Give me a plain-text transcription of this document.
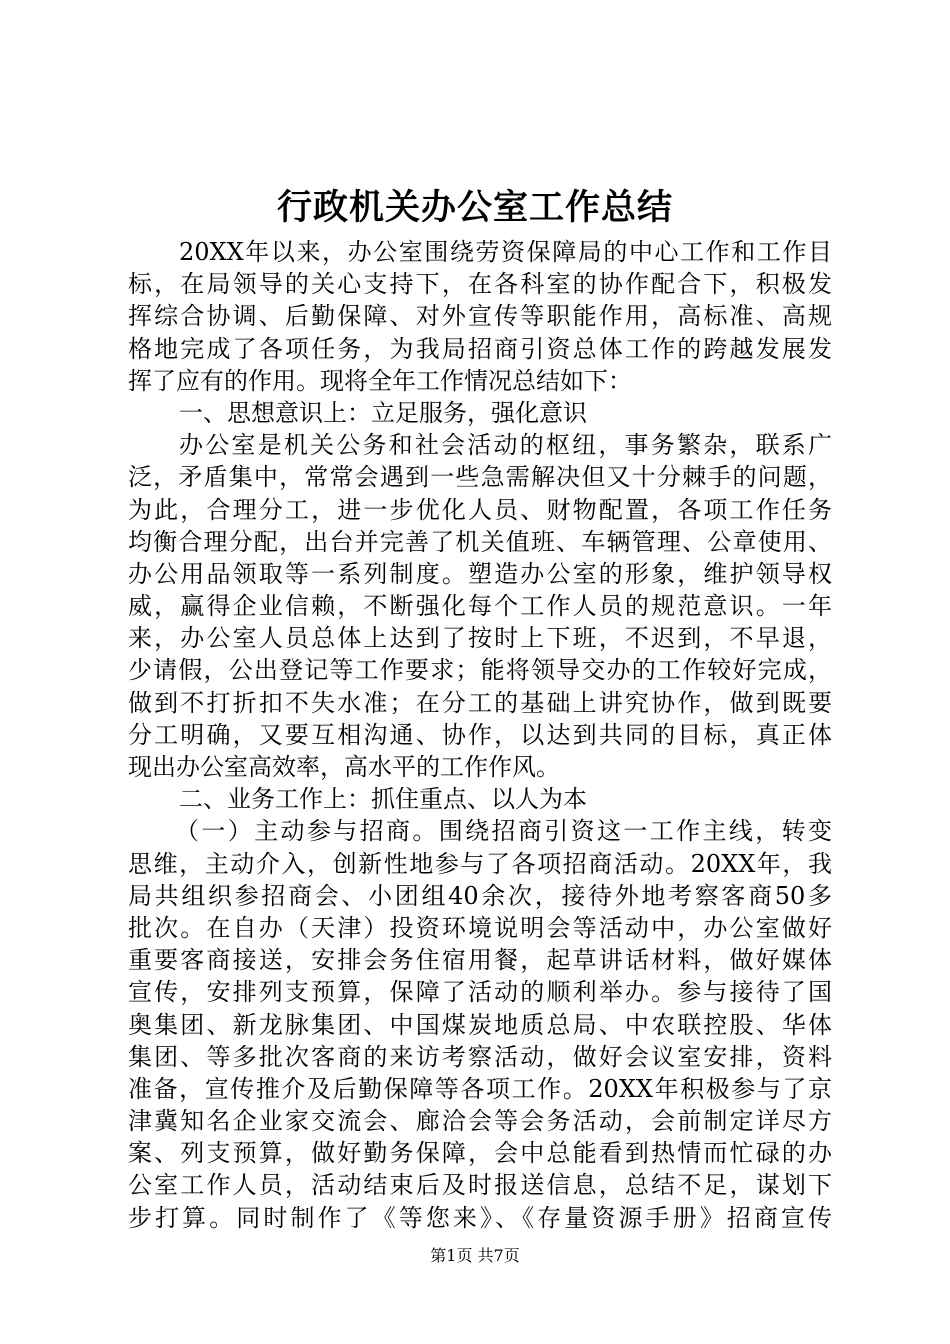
行政机关办公室工作总结
20XX年以来，办公室围绕劳资保障局的中心工作和工作目
标，在局领导的关心支持下，在各科室的协作配合下，积极发
挥综合协调、后勤保障、对外宣传等职能作用，高标准、高规
格地完成了各项任务，为我局招商引资总体工作的跨越发展发
挥了应有的作用。现将全年工作情况总结如下：
一、思想意识上：立足服务，强化意识
办公室是机关公务和社会活动的枢纽，事务繁杂，联系广
泛，矛盾集中，常常会遇到一些急需解决但又十分棘手的问题，
为此，合理分工，进一步优化人员、财物配置，各项工作任务
均衡合理分配，出台并完善了机关值班、车辆管理、公章使用、
办公用品领取等一系列制度。塑造办公室的形象，维护领导权
威，赢得企业信赖，不断强化每个工作人员的规范意识。一年
来，办公室人员总体上达到了按时上下班，不迟到，不早退，
少请假，公出登记等工作要求；能将领导交办的工作较好完成，
做到不打折扣不失水准；在分工的基础上讲究协作，做到既要
分工明确，又要互相沟通、协作，以达到共同的目标，真正体
现出办公室高效率，高水平的工作作风。
二、业务工作上：抓住重点、以人为本
（一）主动参与招商。围绕招商引资这一工作主线，转变
思维，主动介入，创新性地参与了各项招商活动。20XX年，我
局共组织参招商会、小团组40余次，接待外地考察客商50多
批次。在自办（天津）投资环境说明会等活动中，办公室做好
重要客商接送，安排会务住宿用餐，起草讲话材料，做好媒体
宣传，安排列支预算，保障了活动的顺利举办。参与接待了国
奥集团、新龙脉集团、中国煤炭地质总局、中农联控股、华体
集团、等多批次客商的来访考察活动，做好会议室安排，资料
准备，宣传推介及后勤保障等各项工作。20XX年积极参与了京
津冀知名企业家交流会、廊洽会等会务活动，会前制定详尽方
案、列支预算，做好勤务保障，会中总能看到热情而忙碌的办
公室工作人员，活动结束后及时报送信息，总结不足，谋划下
步打算。同时制作了《等您来》、《存量资源手册》招商宣传
第1页 共7页
